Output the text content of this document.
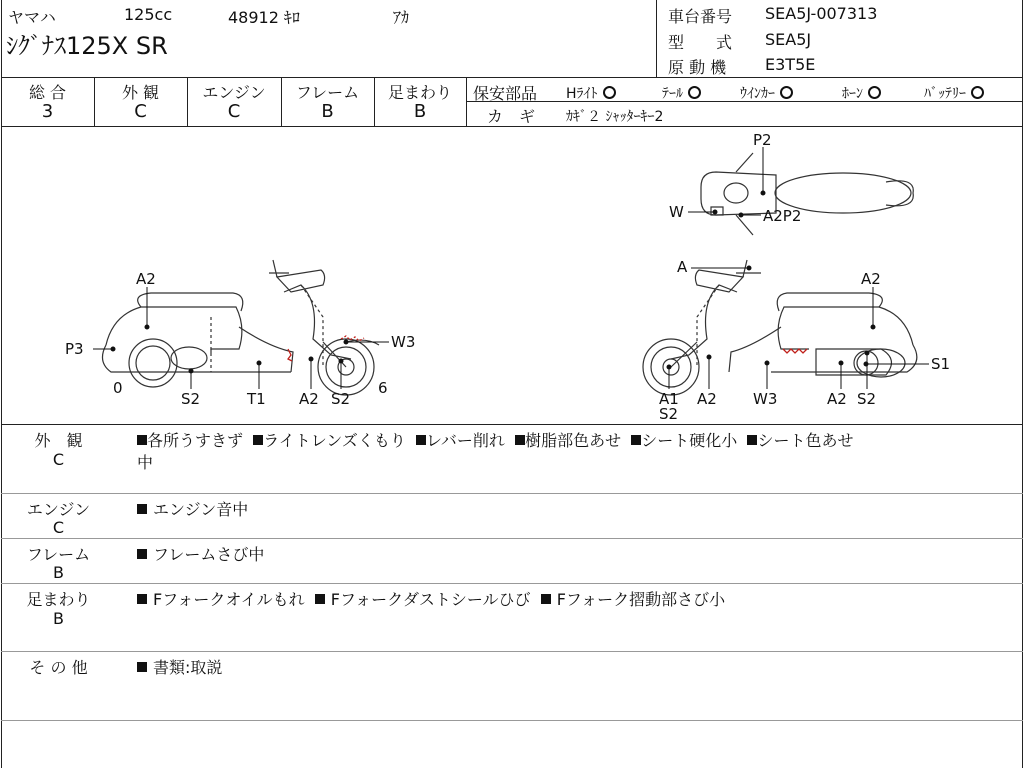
ヤマハ	125cc	48912 ｷﾛ	ｱｶ
ｼｸﾞﾅｽ125X SR
車台番号 SEA5J-007313
型　　式 SEA5J
原 動 機 E3T5E
総 合
3
外 観
C
エンジン
C
フレーム
B
足まわり
B
保安部品 Hﾗｲﾄ	ﾃｰﾙ	ｳｲﾝｶｰ	ﾎｰﾝ	ﾊﾞｯﾃﾘｰ
カ　ギ ｶｷﾞ２ ｼｬｯﾀｰｷｰ2
A2
P3
0
S2	T1 A2 S2
W3
6
A
A2
S1
A1
S2
A2 W3	A2 S2
P2
W	A2P2
外　観
C
各所うすきず ライトレンズくもり レバー削れ 樹脂部色あせ シート硬化小 シート色あせ
中
エンジン
C
エンジン音中
フレーム
B
フレームさび中
足まわり
B
Fフォークオイルもれ Fフォークダストシールひび Fフォーク摺動部さび小
そ の 他	書類:取説
